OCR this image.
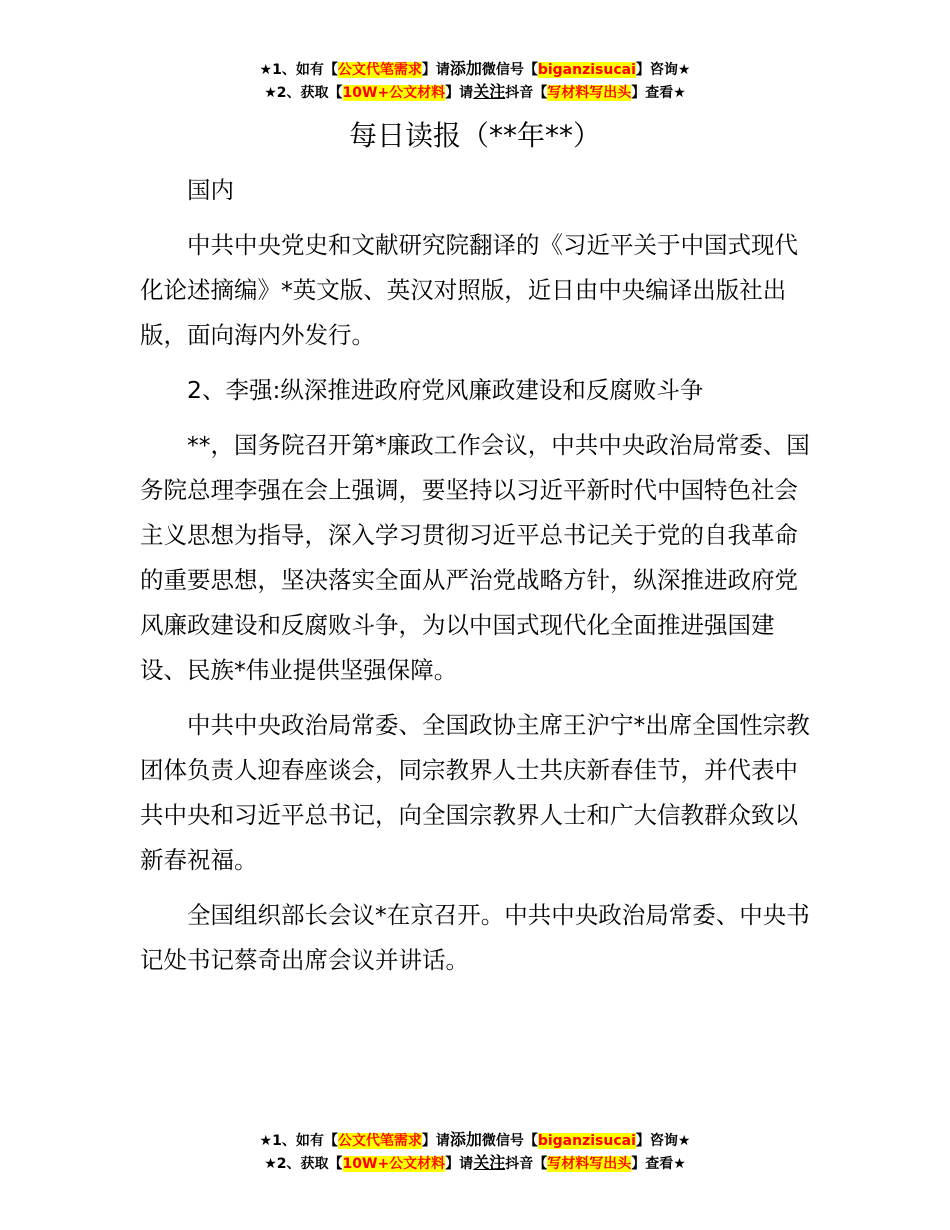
★1、如有【公文代笔需求】请添加微信号【biganzisucai】咨询★
★2、获取【10W+公文材料】请关注抖音【写材料写出头】查看★
每日读报（**年**）

国内

中共中央党史和文献研究院翻译的《习近平关于中国式现代化论述摘编》*英文版、英汉对照版，近日由中央编译出版社出版，面向海内外发行。

2、李强:纵深推进政府党风廉政建设和反腐败斗争

**，国务院召开第*廉政工作会议，中共中央政治局常委、国务院总理李强在会上强调，要坚持以习近平新时代中国特色社会主义思想为指导，深入学习贯彻习近平总书记关于党的自我革命的重要思想，坚决落实全面从严治党战略方针，纵深推进政府党风廉政建设和反腐败斗争，为以中国式现代化全面推进强国建设、民族*伟业提供坚强保障。

中共中央政治局常委、全国政协主席王沪宁*出席全国性宗教团体负责人迎春座谈会，同宗教界人士共庆新春佳节，并代表中共中央和习近平总书记，向全国宗教界人士和广大信教群众致以新春祝福。

全国组织部长会议*在京召开。中共中央政治局常委、中央书记处书记蔡奇出席会议并讲话。

★1、如有【公文代笔需求】请添加微信号【biganzisucai】咨询★
★2、获取【10W+公文材料】请关注抖音【写材料写出头】查看★
